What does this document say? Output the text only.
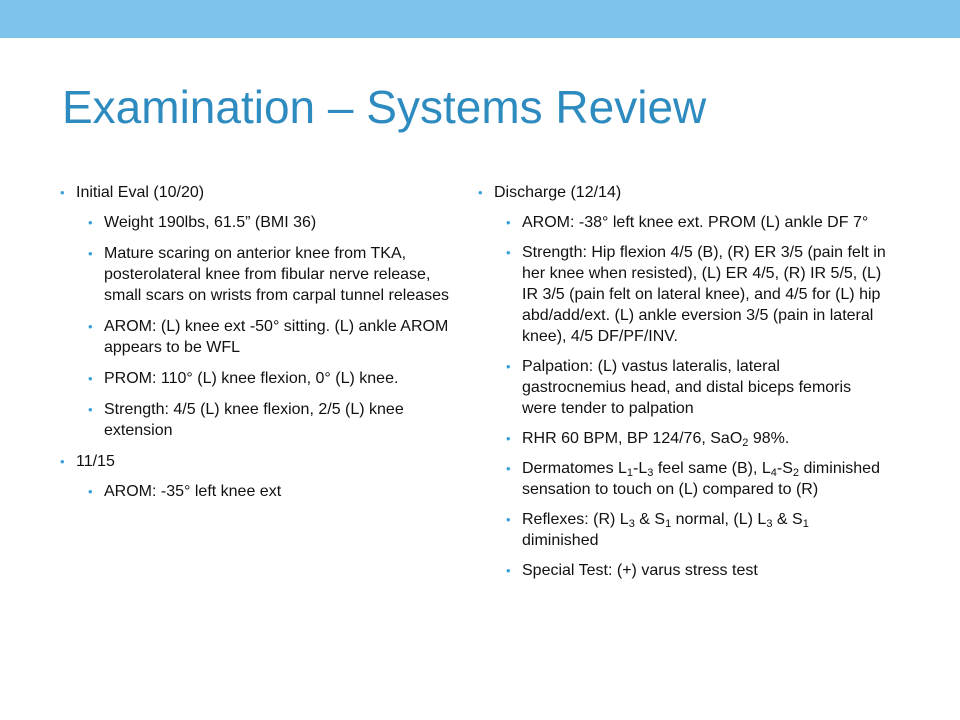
Examination – Systems Review
• Initial Eval (10/20)
• Weight 190lbs, 61.5” (BMI 36)
• Mature scaring on anterior knee from TKA, posterolateral knee from fibular nerve release, small scars on wrists from carpal tunnel releases
• AROM: (L) knee ext -50° sitting. (L) ankle AROM appears to be WFL
• PROM: 110° (L) knee flexion, 0° (L) knee.
• Strength: 4/5 (L) knee flexion, 2/5 (L) knee extension
• 11/15
• AROM: -35° left knee ext
• Discharge (12/14)
• AROM: -38° left knee ext. PROM (L) ankle DF 7°
• Strength: Hip flexion 4/5 (B), (R) ER 3/5 (pain felt in her knee when resisted), (L) ER 4/5, (R) IR 5/5, (L) IR 3/5 (pain felt on lateral knee), and 4/5 for (L) hip abd/add/ext. (L) ankle eversion 3/5 (pain in lateral knee), 4/5 DF/PF/INV.
• Palpation: (L) vastus lateralis, lateral gastrocnemius head, and distal biceps femoris were tender to palpation
• RHR 60 BPM, BP 124/76, SaO$_2$ 98%.
• Dermatomes $L_1-L_3$ feel same (B), $L_4-S_2$ diminished sensation to touch on (L) compared to (R)
• Reflexes: (R) $L_3$ & $S_1$ normal, (L) $L_3$ & $S_1$ diminished
• Special Test: (+) varus stress test
